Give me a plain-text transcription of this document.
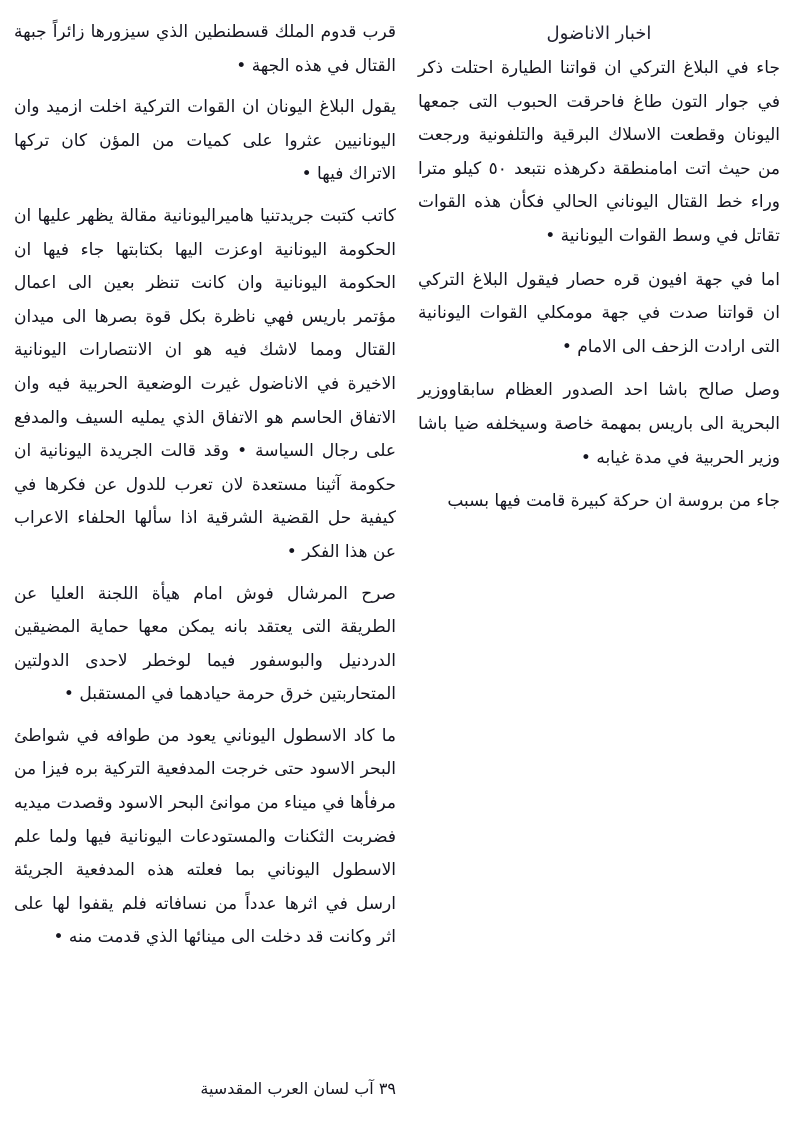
اخبار الاناضول

جاء في البلاغ التركي ان قواتنا الطيارة احتلت ذكر في جوار التون طاغ فاحرقت الحبوب التى جمعها اليونان وقطعت الاسلاك البرقية والتلفونية ورجعت من حيث اتت امامنطقة دكرهذه نتبعد ٥٠ كيلو مترا وراء خط القتال اليوناني الحالي فكأن هذه القوات تقاتل في وسط القوات اليونانية •

اما في جهة افيون قره حصار فيقول البلاغ التركي ان قواتنا صدت في جهة مومكلي القوات اليونانية التى ارادت الزحف الى الامام •

وصل صالح باشا احد الصدور العظام سابقاووزير البحرية الى باريس بمهمة خاصة وسيخلفه ضيا باشا وزير الحربية في مدة غيابه •

جاء من بروسة ان حركة كبيرة قامت فيها بسبب

قرب قدوم الملك قسطنطين الذي سيزورها زائراً جبهة القتال في هذه الجهة •

يقول البلاغ اليونان ان القوات التركية اخلت ازميد وان اليونانيين عثروا على كميات من المؤن كان تركها الاتراك فيها •

كاتب كتبت جريدتنيا هاميراليونانية مقالة يظهر عليها ان الحكومة اليونانية اوعزت اليها بكتابتها جاء فيها ان الحكومة اليونانية وان كانت تنظر بعين الى اعمال مؤتمر باريس فهي ناظرة بكل قوة بصرها الى ميدان القتال ومما لاشك فيه هو ان الانتصارات اليونانية الاخيرة في الاناضول غيرت الوضعية الحربية فيه وان الاتفاق الحاسم هو الاتفاق الذي يمليه السيف والمدفع على رجال السياسة • وقد قالت الجريدة اليونانية ان حكومة آثينا مستعدة لان تعرب للدول عن فكرها في كيفية حل القضية الشرقية اذا سألها الحلفاء الاعراب عن هذا الفكر •

صرح المرشال فوش امام هيأة اللجنة العليا عن الطريقة التى يعتقد بانه يمكن معها حماية المضيقين الدردنيل والبوسفور فيما لوخطر لاحدى الدولتين المتحاربتين خرق حرمة حيادهما في المستقبل •

ما كاد الاسطول اليوناني يعود من طوافه في شواطئ البحر الاسود حتى خرجت المدفعية التركية بره فيزا من مرفأها في ميناء من موانئ البحر الاسود وقصدت ميديه فضربت الثكنات والمستودعات اليونانية فيها ولما علم الاسطول اليوناني بما فعلته هذه المدفعية الجريئة ارسل في اثرها عدداً من نسافاته فلم يقفوا لها على اثر وكانت قد دخلت الى مينائها الذي قدمت منه •

٣٩ آب لسان العرب المقدسية
